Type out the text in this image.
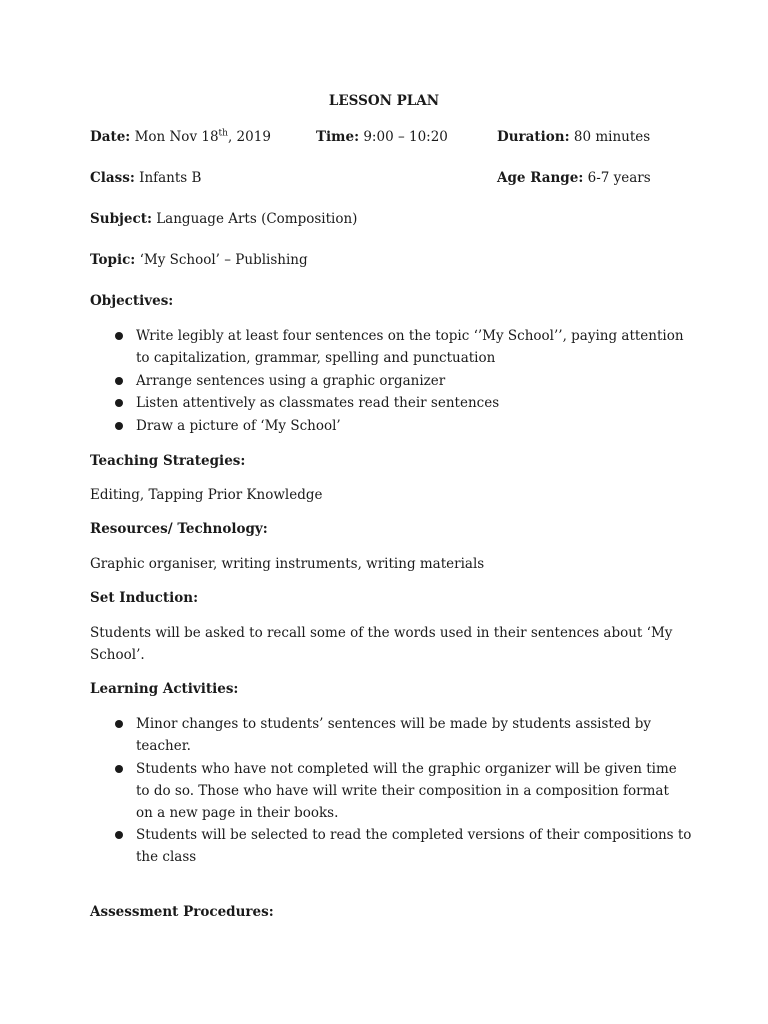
LESSON PLAN
Date: Mon Nov 18th, 2019	Time: 9:00 – 10:20	Duration: 80 minutes
Class: Infants B	Age Range: 6-7 years
Subject: Language Arts (Composition)
Topic: ‘My School’ – Publishing
Objectives:
Write legibly at least four sentences on the topic ‘’My School’’, paying attention
to capitalization, grammar, spelling and punctuation
Arrange sentences using a graphic organizer
Listen attentively as classmates read their sentences
Draw a picture of ‘My School’
Teaching Strategies:
Editing, Tapping Prior Knowledge
Resources/ Technology:
Graphic organiser, writing instruments, writing materials
Set Induction:
Students will be asked to recall some of the words used in their sentences about ‘My
School’.
Learning Activities:
Minor changes to students’ sentences will be made by students assisted by
teacher.
Students who have not completed will the graphic organizer will be given time
to do so. Those who have will write their composition in a composition format
on a new page in their books.
Students will be selected to read the completed versions of their compositions to
the class
Assessment Procedures:
